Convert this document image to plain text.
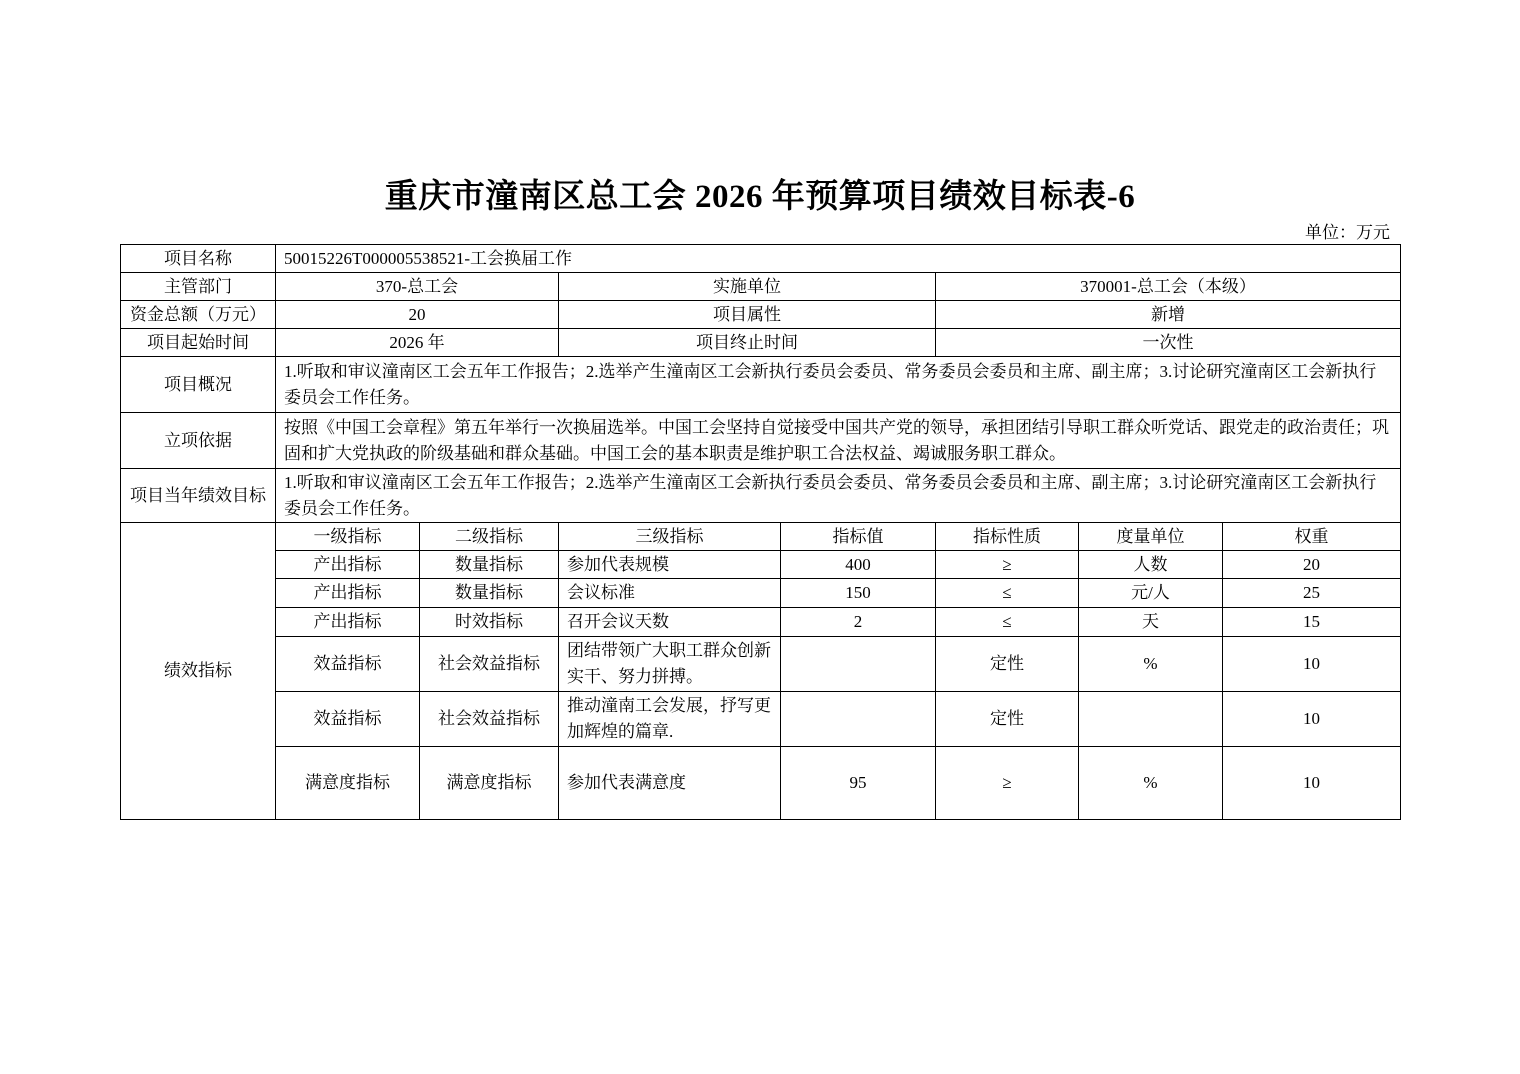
重庆市潼南区总工会 2026 年预算项目绩效目标表-6
单位：万元
项目名称	50015226T000005538521-工会换届工作						
主管部门	370-总工会		实施单位		370001-总工会（本级）		
资金总额（万元）	20		项目属性		新增		
项目起始时间	2026 年		项目终止时间		一次性		
项目概况	1.听取和审议潼南区工会五年工作报告；2.选举产生潼南区工会新执行委员会委员、常务委员会委员和主席、副主席；3.讨论研究潼南区工会新执行委员会工作任务。						
立项依据	按照《中国工会章程》第五年举行一次换届选举。中国工会坚持自觉接受中国共产党的领导，承担团结引导职工群众听党话、跟党走的政治责任；巩固和扩大党执政的阶级基础和群众基础。中国工会的基本职责是维护职工合法权益、竭诚服务职工群众。						
项目当年绩效目标	1.听取和审议潼南区工会五年工作报告；2.选举产生潼南区工会新执行委员会委员、常务委员会委员和主席、副主席；3.讨论研究潼南区工会新执行委员会工作任务。						
绩效指标	一级指标	二级指标	三级指标	指标值	指标性质	度量单位	权重
	产出指标	数量指标	参加代表规模	400	≥	人数	20
	产出指标	数量指标	会议标准	150	≤	元/人	25
	产出指标	时效指标	召开会议天数	2	≤	天	15
	效益指标	社会效益指标	团结带领广大职工群众创新实干、努力拼搏。		定性	%	10
	效益指标	社会效益指标	推动潼南工会发展，抒写更加辉煌的篇章.		定性		10
	满意度指标	满意度指标	参加代表满意度	95	≥	%	10
